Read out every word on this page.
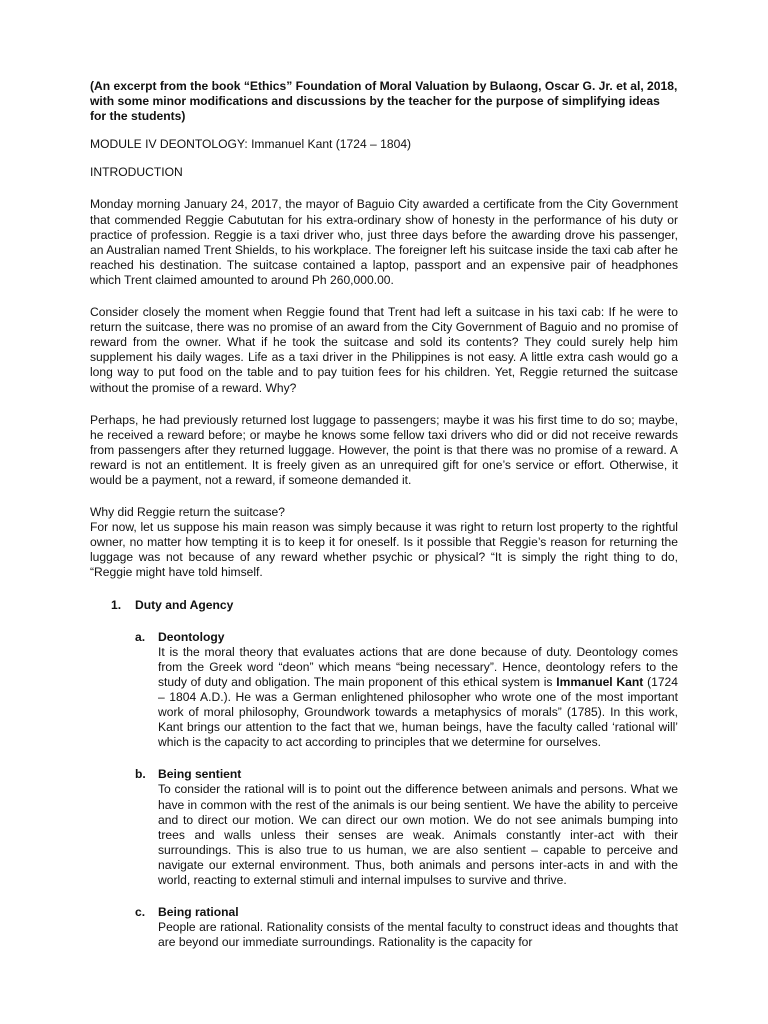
(An excerpt from the book “Ethics” Foundation of Moral Valuation by Bulaong, Oscar G. Jr. et al, 2018, with some minor modifications and discussions by the teacher for the purpose of simplifying ideas for the students)

MODULE IV DEONTOLOGY: Immanuel Kant (1724 – 1804)

INTRODUCTION

Monday morning January 24, 2017, the mayor of Baguio City awarded a certificate from the City Government that commended Reggie Cabututan for his extra-ordinary show of honesty in the performance of his duty or practice of profession. Reggie is a taxi driver who, just three days before the awarding drove his passenger, an Australian named Trent Shields, to his workplace. The foreigner left his suitcase inside the taxi cab after he reached his destination. The suitcase contained a laptop, passport and an expensive pair of headphones which Trent claimed amounted to around Ph 260,000.00.

Consider closely the moment when Reggie found that Trent had left a suitcase in his taxi cab: If he were to return the suitcase, there was no promise of an award from the City Government of Baguio and no promise of reward from the owner. What if he took the suitcase and sold its contents? They could surely help him supplement his daily wages. Life as a taxi driver in the Philippines is not easy. A little extra cash would go a long way to put food on the table and to pay tuition fees for his children. Yet, Reggie returned the suitcase without the promise of a reward. Why?

Perhaps, he had previously returned lost luggage to passengers; maybe it was his first time to do so; maybe, he received a reward before; or maybe he knows some fellow taxi drivers who did or did not receive rewards from passengers after they returned luggage. However, the point is that there was no promise of a reward. A reward is not an entitlement. It is freely given as an unrequired gift for one’s service or effort. Otherwise, it would be a payment, not a reward, if someone demanded it.

Why did Reggie return the suitcase?

For now, let us suppose his main reason was simply because it was right to return lost property to the rightful owner, no matter how tempting it is to keep it for oneself. Is it possible that Reggie’s reason for returning the luggage was not because of any reward whether psychic or physical? “It is simply the right thing to do, “Reggie might have told himself.

1.	Duty and Agency
a.	Deontology

It is the moral theory that evaluates actions that are done because of duty. Deontology comes from the Greek word “deon” which means “being necessary”. Hence, deontology refers to the study of duty and obligation. The main proponent of this ethical system is Immanuel Kant (1724 – 1804 A.D.). He was a German enlightened philosopher who wrote one of the most important work of moral philosophy, Groundwork towards a metaphysics of morals” (1785). In this work, Kant brings our attention to the fact that we, human beings, have the faculty called ‘rational will’ which is the capacity to act according to principles that we determine for ourselves.

b.	Being sentient

To consider the rational will is to point out the difference between animals and persons. What we have in common with the rest of the animals is our being sentient. We have the ability to perceive and to direct our motion. We can direct our own motion. We do not see animals bumping into trees and walls unless their senses are weak. Animals constantly inter-act with their surroundings. This is also true to us human, we are also sentient – capable to perceive and navigate our external environment. Thus, both animals and persons inter-acts in and with the world, reacting to external stimuli and internal impulses to survive and thrive.

c.	Being rational

People are rational. Rationality consists of the mental faculty to construct ideas and thoughts that are beyond our immediate surroundings. Rationality is the capacity for
